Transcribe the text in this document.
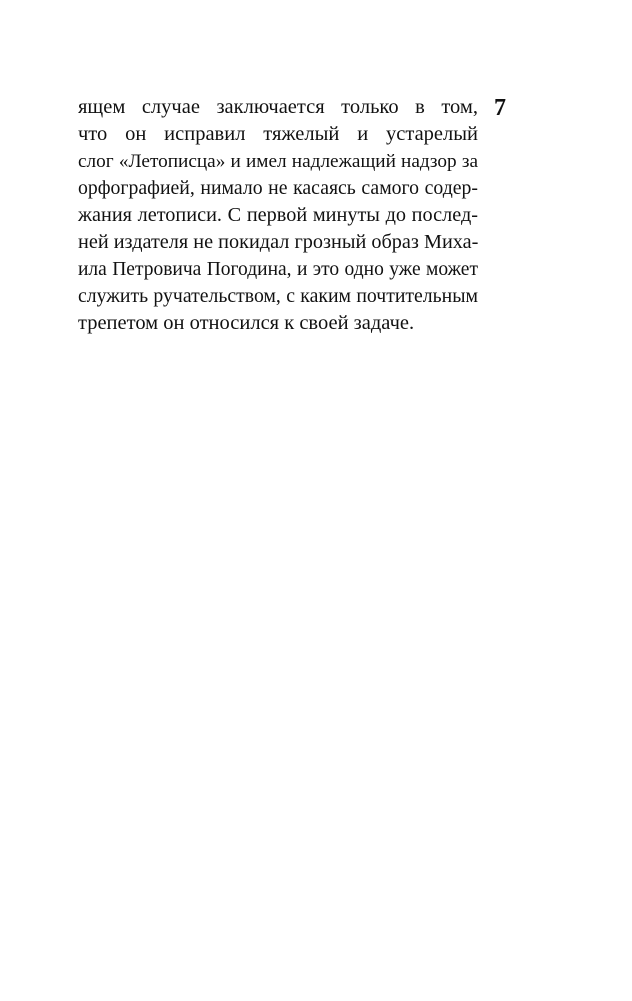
7
ящем случае заключается только в том,
что он исправил тяжелый и устарелый
слог «Летописца» и имел надлежащий надзор за
орфографией, нимало не касаясь самого содер-
жания летописи. С первой минуты до послед-
ней издателя не покидал грозный образ Миха-
ила Петровича Погодина, и это одно уже может
служить ручательством, с каким почтительным
трепетом он относился к своей задаче.
